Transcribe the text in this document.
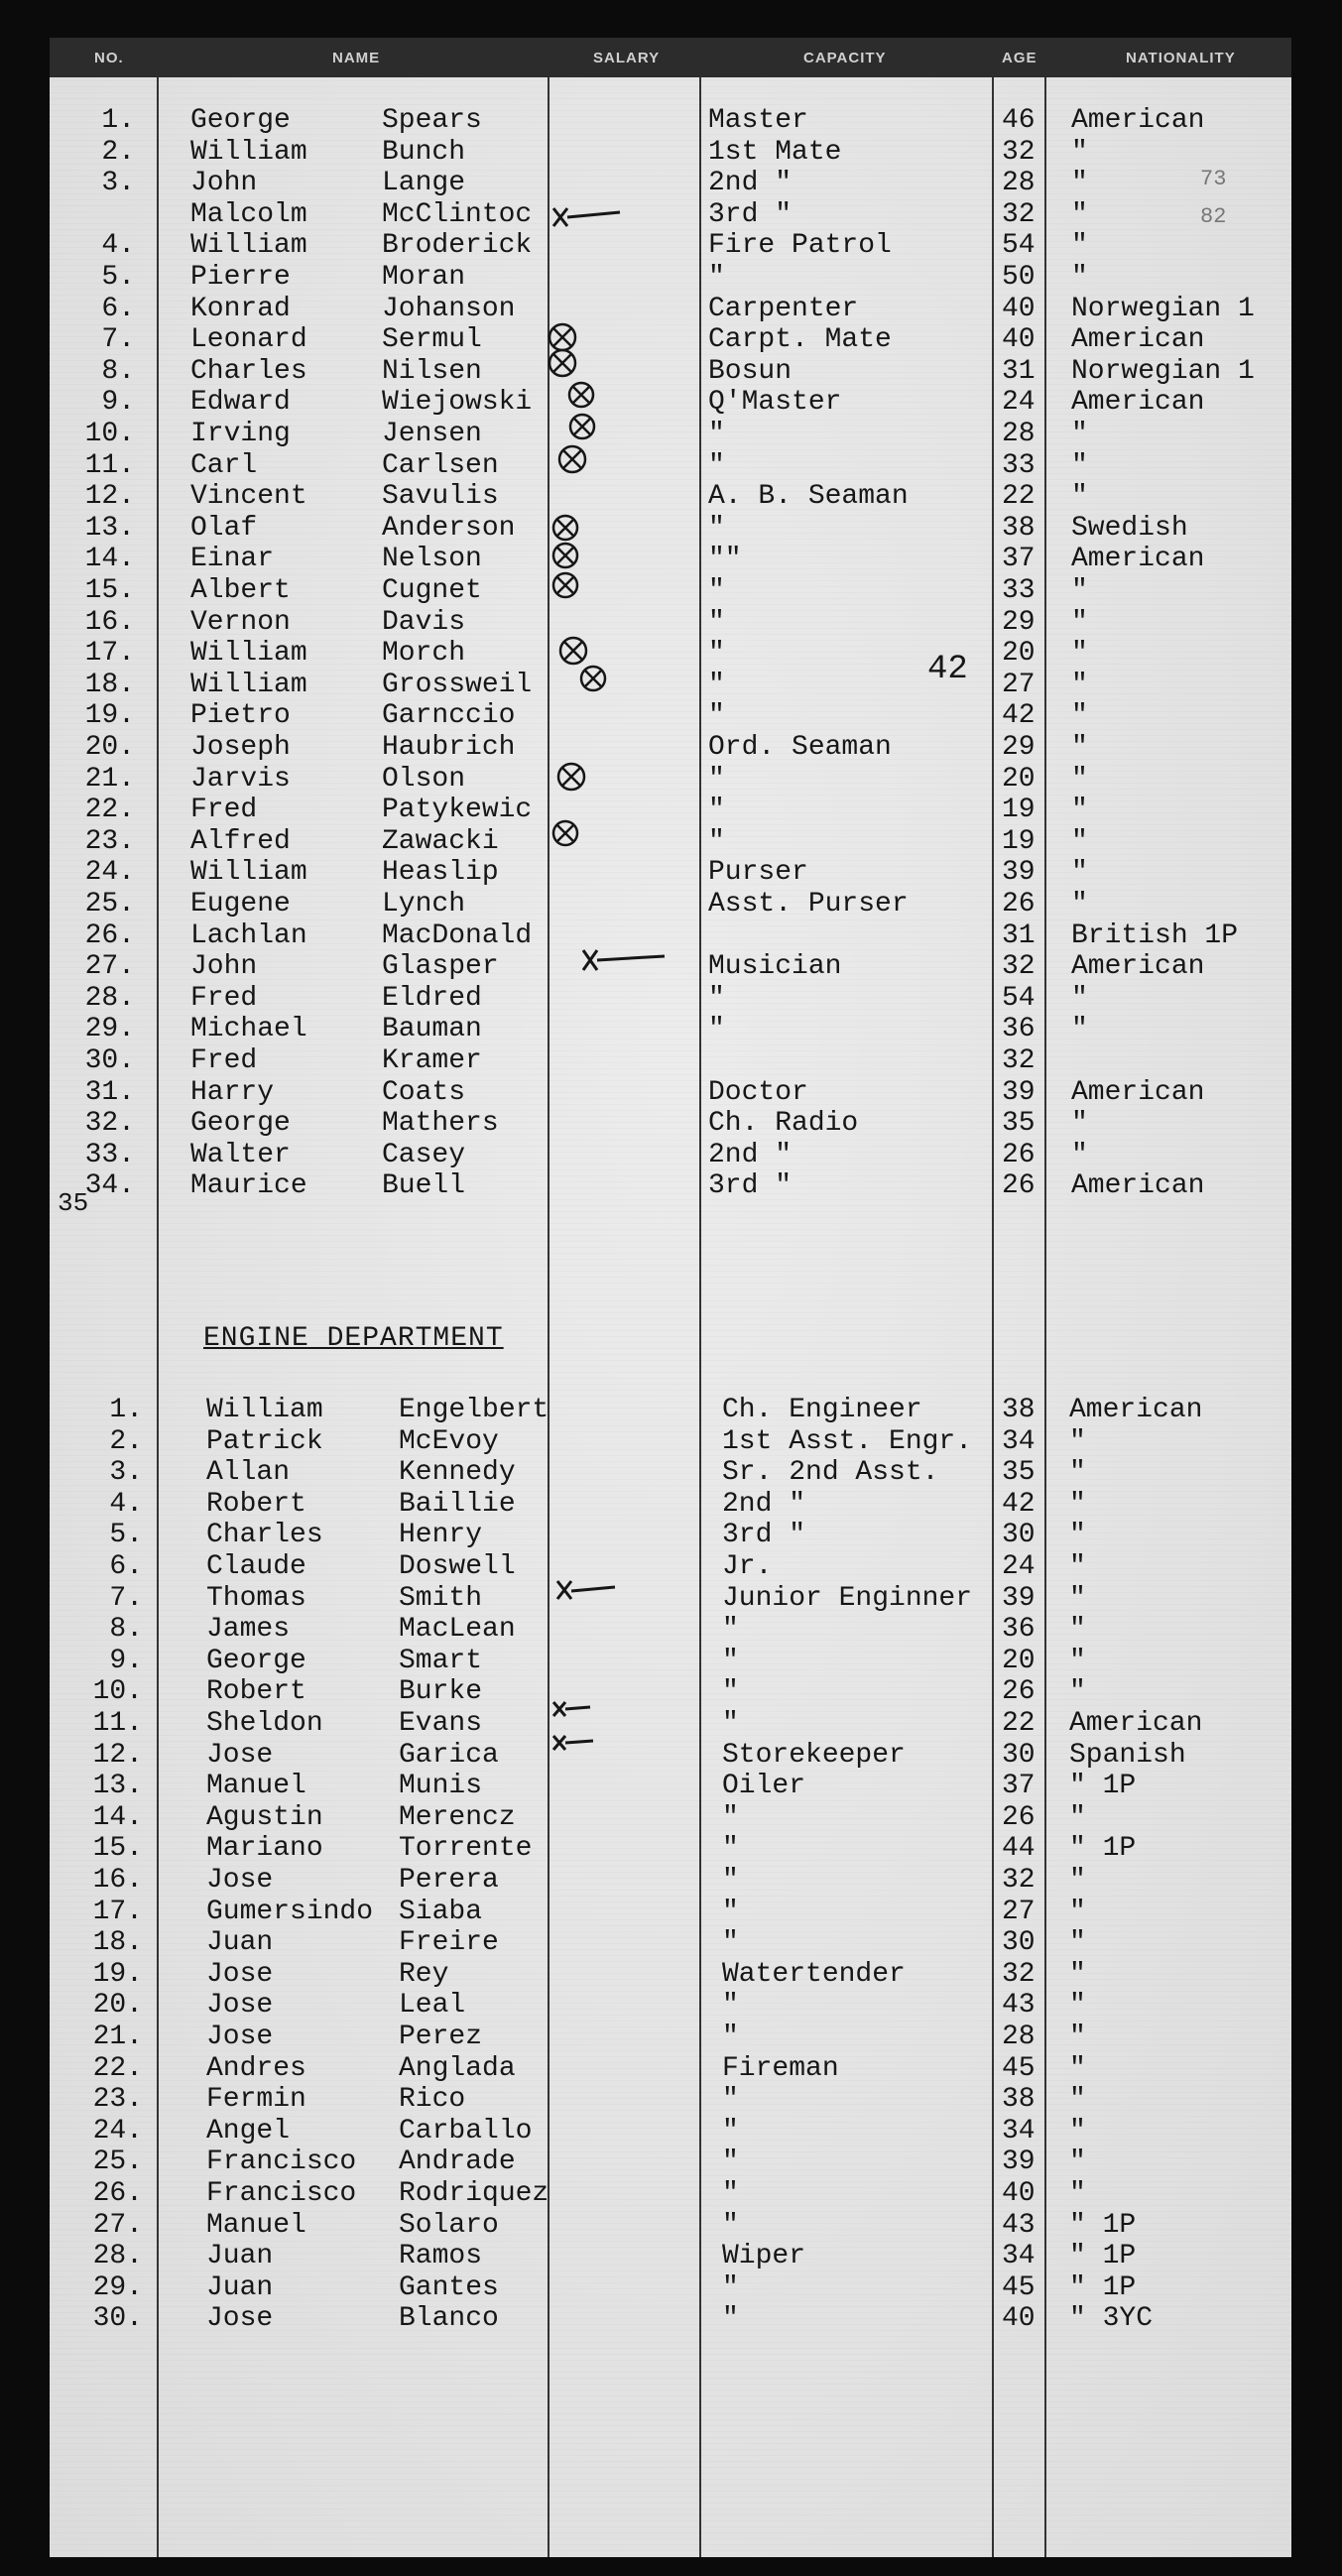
NO.	NAME	SALARY	CAPACITY	AGE	NATIONALITY
1. George	Spears	Master	46 American
2. William	Bunch	1st Mate	32 "
3. John	Lange	2nd "	28 "
Malcolm	McClintoc	3rd "	32 "
4. William	Broderick	Fire Patrol	54 "
5. Pierre	Moran	"	50 "
6. Konrad	Johanson	Carpenter	40 Norwegian 1
7. Leonard	Sermul	Carpt. Mate	40 American
8. Charles	Nilsen	Bosun	31 Norwegian 1
9. Edward	Wiejowski	Q'Master	24 American
10. Irving	Jensen	"	28 "
11. Carl	Carlsen	"	33 "
12. Vincent	Savulis	A. B. Seaman	22 "
13. Olaf	Anderson	"	38 Swedish
14. Einar	Nelson	""	37 American
15. Albert	Cugnet	"	33 "
16. Vernon	Davis	"	29 "
17. William	Morch	"	20 "
18. William	Grossweil	"	27 "
19. Pietro	Garnccio	"	42 "
20. Joseph	Haubrich	Ord. Seaman	29 "
21. Jarvis	Olson	"	20 "
22. Fred	Patykewic	"	19 "
23. Alfred	Zawacki	"	19 "
24. William	Heaslip	Purser	39 "
25. Eugene	Lynch	Asst. Purser	26 "
26. Lachlan	MacDonald	31 British 1P
27. John	Glasper	Musician	32 American
28. Fred	Eldred	"	54 "
29. Michael	Bauman	"	36 "
30. Fred	Kramer	32
31. Harry	Coats	Doctor	39 American
32. George	Mathers	Ch. Radio	35 "
33. Walter	Casey	2nd "	26 "
34. Maurice	Buell	3rd "	26 American
ENGINE DEPARTMENT
1. William	Engelbert	Ch. Engineer	38 American
2. Patrick	McEvoy	1st Asst. Engr. 34 "
3. Allan	Kennedy	Sr. 2nd Asst. 35 "
4. Robert	Baillie	2nd "	42 "
5. Charles	Henry	3rd "	30 "
6. Claude	Doswell	Jr.	24 "
7. Thomas	Smith	Junior Enginner 39 "
8. James	MacLean	"	36 "
9. George	Smart	"	20 "
10. Robert	Burke	"	26 "
11. Sheldon	Evans	"	22 American
12. Jose	Garica	Storekeeper	30 Spanish
13. Manuel	Munis	Oiler	37 " 1P
14. Agustin	Merencz	"	26 "
15. Mariano	Torrente	"	44 " 1P
16. Jose	Perera	"	32 "
17. Gumersindo Siaba	"	27 "
18. Juan	Freire	"	30 "
19. Jose	Rey	Watertender	32 "
20. Jose	Leal	"	43 "
21. Jose	Perez	"	28 "
22. Andres	Anglada	Fireman	45 "
23. Fermin	Rico	"	38 "
24. Angel	Carballo	"	34 "
25. Francisco Andrade	"	39 "
26. Francisco Rodriquez	"	40 "
27. Manuel	Solaro	"	43 " 1P
28. Juan	Ramos	Wiper	34 " 1P
29. Juan	Gantes	"	45 " 1P
30. Jose	Blanco	"	40 " 3YC
35
42
73
82
